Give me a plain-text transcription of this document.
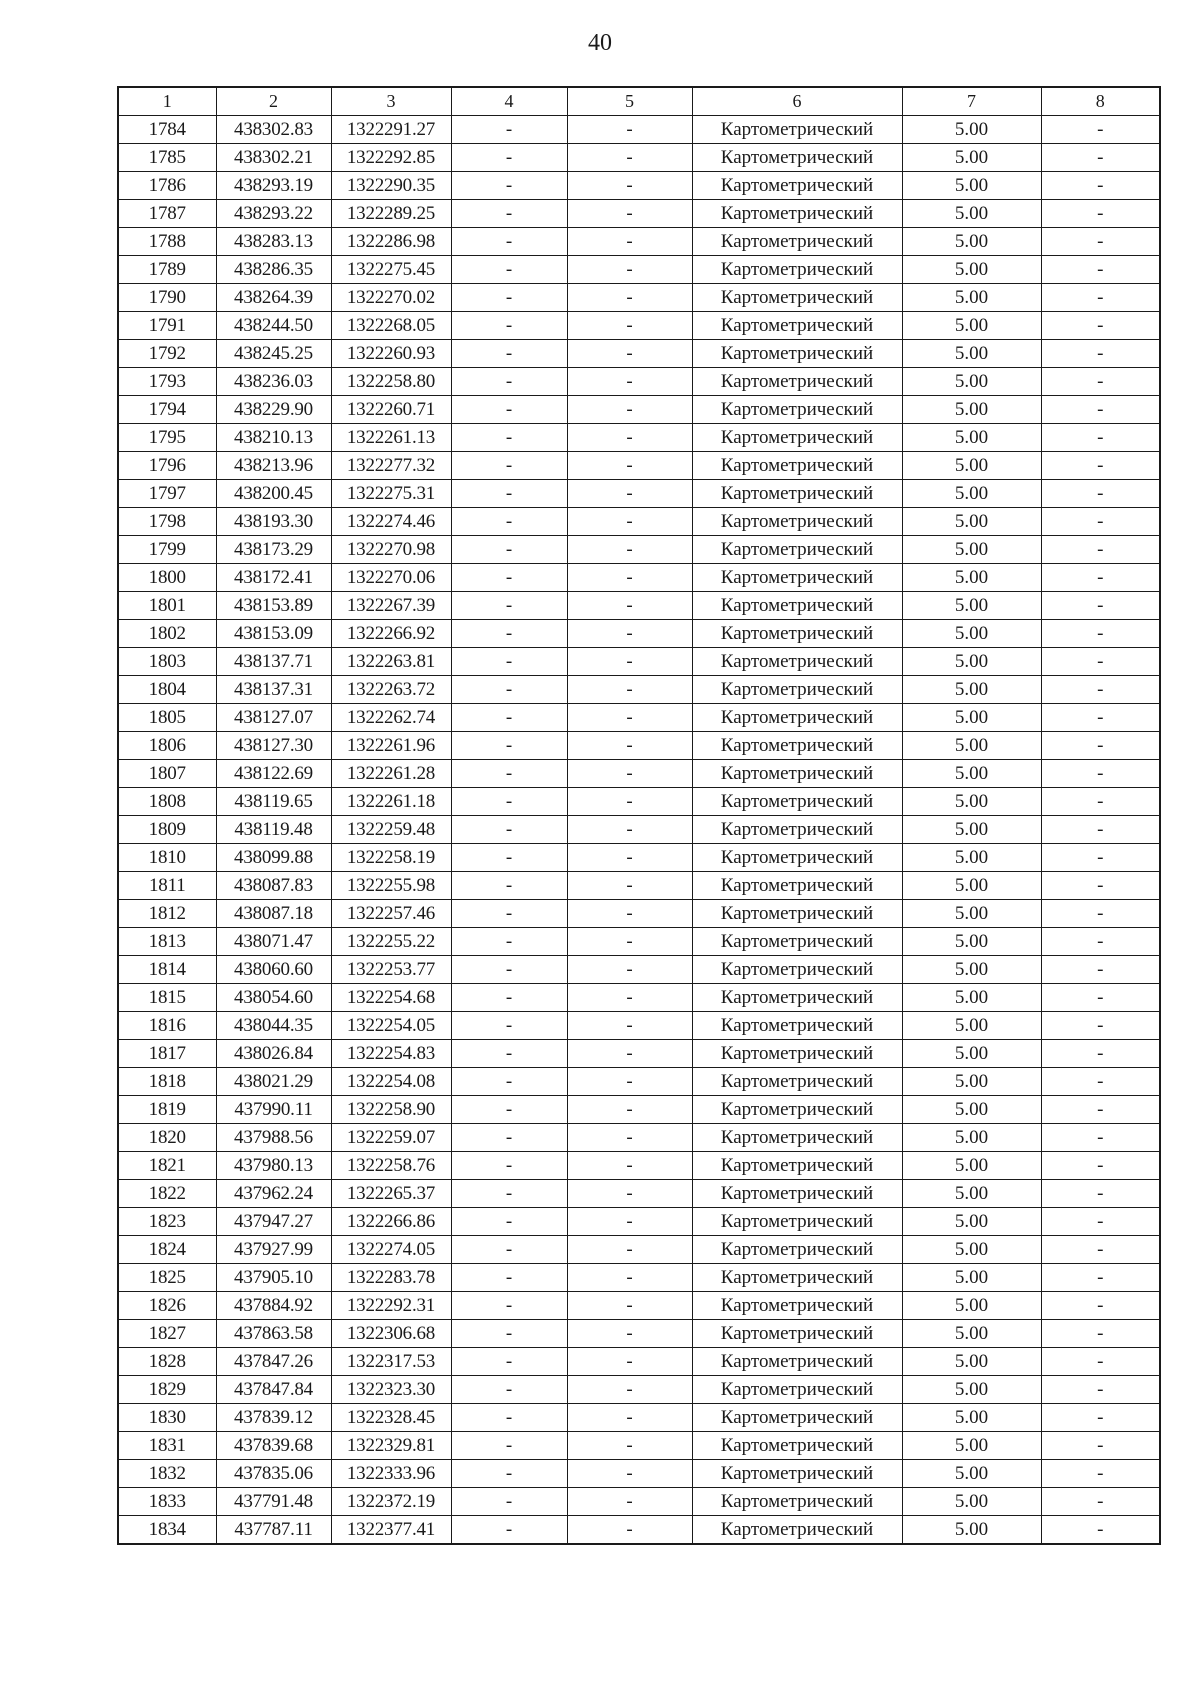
40
1	2	3	4	5	6	7	8
1784	438302.83	1322291.27	-	-	Картометрический	5.00	-
1785	438302.21	1322292.85	-	-	Картометрический	5.00	-
1786	438293.19	1322290.35	-	-	Картометрический	5.00	-
1787	438293.22	1322289.25	-	-	Картометрический	5.00	-
1788	438283.13	1322286.98	-	-	Картометрический	5.00	-
1789	438286.35	1322275.45	-	-	Картометрический	5.00	-
1790	438264.39	1322270.02	-	-	Картометрический	5.00	-
1791	438244.50	1322268.05	-	-	Картометрический	5.00	-
1792	438245.25	1322260.93	-	-	Картометрический	5.00	-
1793	438236.03	1322258.80	-	-	Картометрический	5.00	-
1794	438229.90	1322260.71	-	-	Картометрический	5.00	-
1795	438210.13	1322261.13	-	-	Картометрический	5.00	-
1796	438213.96	1322277.32	-	-	Картометрический	5.00	-
1797	438200.45	1322275.31	-	-	Картометрический	5.00	-
1798	438193.30	1322274.46	-	-	Картометрический	5.00	-
1799	438173.29	1322270.98	-	-	Картометрический	5.00	-
1800	438172.41	1322270.06	-	-	Картометрический	5.00	-
1801	438153.89	1322267.39	-	-	Картометрический	5.00	-
1802	438153.09	1322266.92	-	-	Картометрический	5.00	-
1803	438137.71	1322263.81	-	-	Картометрический	5.00	-
1804	438137.31	1322263.72	-	-	Картометрический	5.00	-
1805	438127.07	1322262.74	-	-	Картометрический	5.00	-
1806	438127.30	1322261.96	-	-	Картометрический	5.00	-
1807	438122.69	1322261.28	-	-	Картометрический	5.00	-
1808	438119.65	1322261.18	-	-	Картометрический	5.00	-
1809	438119.48	1322259.48	-	-	Картометрический	5.00	-
1810	438099.88	1322258.19	-	-	Картометрический	5.00	-
1811	438087.83	1322255.98	-	-	Картометрический	5.00	-
1812	438087.18	1322257.46	-	-	Картометрический	5.00	-
1813	438071.47	1322255.22	-	-	Картометрический	5.00	-
1814	438060.60	1322253.77	-	-	Картометрический	5.00	-
1815	438054.60	1322254.68	-	-	Картометрический	5.00	-
1816	438044.35	1322254.05	-	-	Картометрический	5.00	-
1817	438026.84	1322254.83	-	-	Картометрический	5.00	-
1818	438021.29	1322254.08	-	-	Картометрический	5.00	-
1819	437990.11	1322258.90	-	-	Картометрический	5.00	-
1820	437988.56	1322259.07	-	-	Картометрический	5.00	-
1821	437980.13	1322258.76	-	-	Картометрический	5.00	-
1822	437962.24	1322265.37	-	-	Картометрический	5.00	-
1823	437947.27	1322266.86	-	-	Картометрический	5.00	-
1824	437927.99	1322274.05	-	-	Картометрический	5.00	-
1825	437905.10	1322283.78	-	-	Картометрический	5.00	-
1826	437884.92	1322292.31	-	-	Картометрический	5.00	-
1827	437863.58	1322306.68	-	-	Картометрический	5.00	-
1828	437847.26	1322317.53	-	-	Картометрический	5.00	-
1829	437847.84	1322323.30	-	-	Картометрический	5.00	-
1830	437839.12	1322328.45	-	-	Картометрический	5.00	-
1831	437839.68	1322329.81	-	-	Картометрический	5.00	-
1832	437835.06	1322333.96	-	-	Картометрический	5.00	-
1833	437791.48	1322372.19	-	-	Картометрический	5.00	-
1834	437787.11	1322377.41	-	-	Картометрический	5.00	-
